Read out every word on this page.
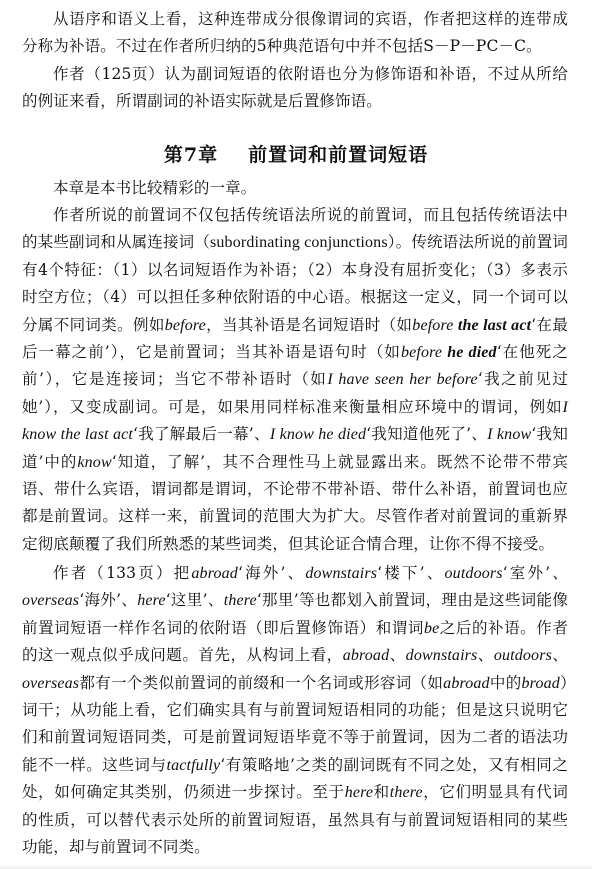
从语序和语义上看，这种连带成分很像谓词的宾语，作者把这样的连带成分称为补语。不过在作者所归纳的5种典范语句中并不包括S－P－PC－C。

作者（125页）认为副词短语的依附语也分为修饰语和补语，不过从所给的例证来看，所谓副词的补语实际就是后置修饰语。

第7章 前置词和前置词短语

本章是本书比较精彩的一章。

作者所说的前置词不仅包括传统语法所说的前置词，而且包括传统语法中的某些副词和从属连接词（subordinating conjunctions）。传统语法所说的前置词有4个特征：（1）以名词短语作为补语；（2）本身没有屈折变化；（3）多表示时空方位；（4）可以担任多种依附语的中心语。根据这一定义，同一个词可以分属不同词类。例如before，当其补语是名词短语时（如before the last act‘在最后一幕之前’），它是前置词；当其补语是语句时（如before he died‘在他死之前’），它是连接词；当它不带补语时（如I have seen her before‘我之前见过她’），又变成副词。可是，如果用同样标准来衡量相应环境中的谓词，例如I know the last act‘我了解最后一幕’、I know he died‘我知道他死了’、I know‘我知道’中的know‘知道，了解’，其不合理性马上就显露出来。既然不论带不带宾语、带什么宾语，谓词都是谓词，不论带不带补语、带什么补语，前置词也应都是前置词。这样一来，前置词的范围大为扩大。尽管作者对前置词的重新界定彻底颠覆了我们所熟悉的某些词类，但其论证合情合理，让你不得不接受。

作者（133页）把abroad‘海外’、downstairs‘楼下’、outdoors‘室外’、overseas‘海外’、here‘这里’、there‘那里’等也都划入前置词，理由是这些词能像前置词短语一样作名词的依附语（即后置修饰语）和谓词be之后的补语。作者的这一观点似乎成问题。首先，从构词上看，abroad、downstairs、outdoors、overseas都有一个类似前置词的前缀和一个名词或形容词（如abroad中的broad）词干；从功能上看，它们确实具有与前置词短语相同的功能；但是这只说明它们和前置词短语同类，可是前置词短语毕竟不等于前置词，因为二者的语法功能不一样。这些词与tactfully‘有策略地’之类的副词既有不同之处，又有相同之处，如何确定其类别，仍须进一步探讨。至于here和there，它们明显具有代词的性质，可以替代表示处所的前置词短语，虽然具有与前置词短语相同的某些功能，却与前置词不同类。
